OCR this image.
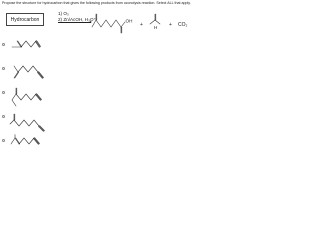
Propose the structure for hydrocarbon that gives the following products from ozonolysis reaction. Select ALL that apply.
Hydrocarbon
1) O₃
2) Zn/AcOH, H₃O⁺	OH
+ H + CO₂
